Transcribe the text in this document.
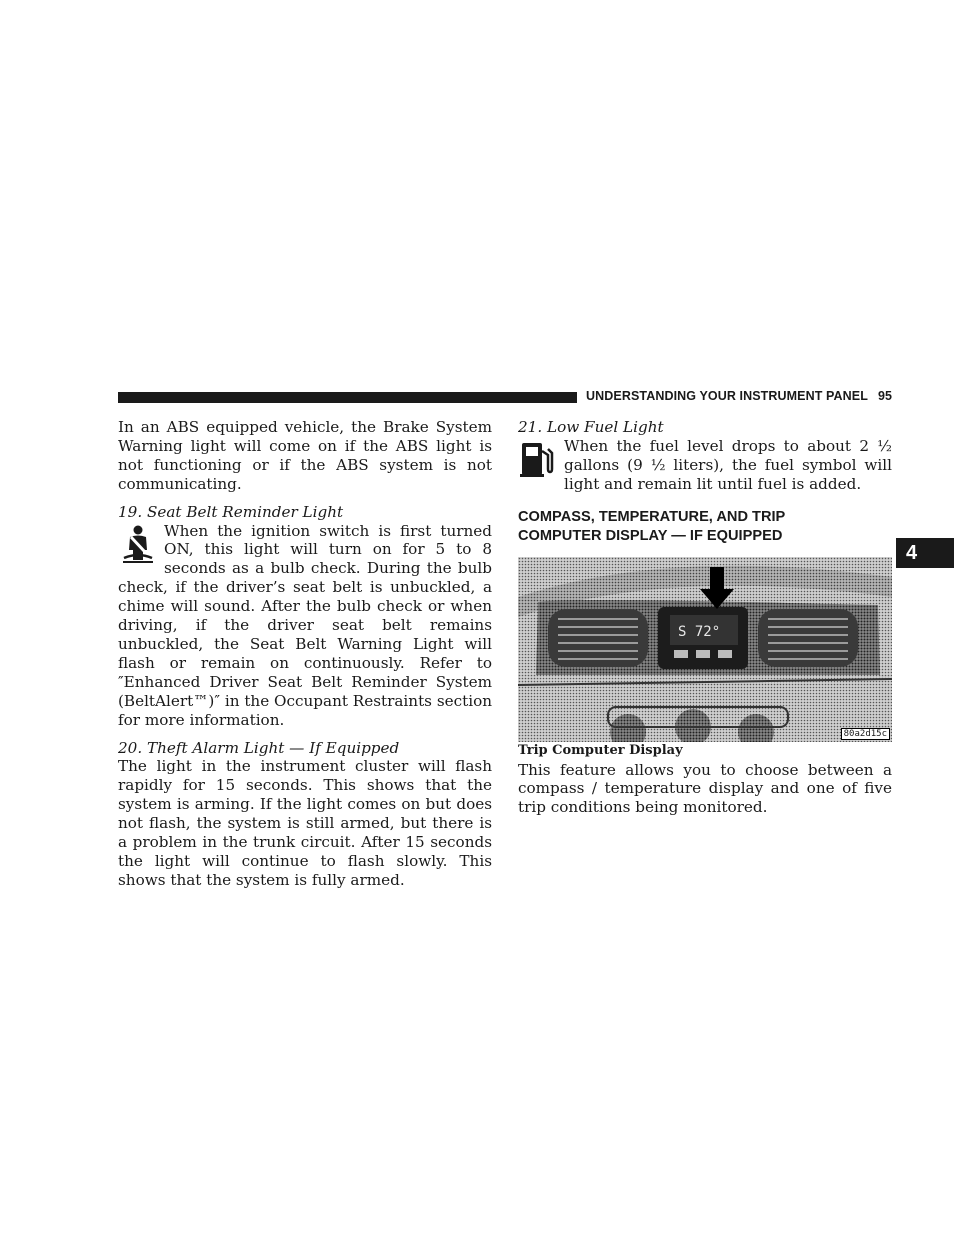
UNDERSTANDING YOUR INSTRUMENT PANEL 95
4

In an ABS equipped vehicle, the Brake System Warning light will come on if the ABS light is not functioning or if the ABS system is not communicating.

19. Seat Belt Reminder Light

When the ignition switch is first turned ON, this light will turn on for 5 to 8 seconds as a bulb check. During the bulb check, if the driver’s seat belt is unbuckled, a chime will sound. After the bulb check or when driving, if the driver seat belt remains unbuckled, the Seat Belt Warning Light will flash or remain on continuously. Refer to ″Enhanced Driver Seat Belt Reminder System (BeltAlert™)″ in the Occupant Restraints section for more information.

20. Theft Alarm Light — If Equipped

The light in the instrument cluster will flash rapidly for 15 seconds. This shows that the system is arming. If the light comes on but does not flash, the system is still armed, but there is a problem in the trunk circuit. After 15 seconds the light will continue to flash slowly. This shows that the system is fully armed.

21. Low Fuel Light

When the fuel level drops to about 2 ½ gallons (9 ½ liters), the fuel symbol will light and remain lit until fuel is added.

COMPASS, TEMPERATURE, AND TRIP
COMPUTER DISPLAY — IF EQUIPPED

S 72°
80a2d15c

Trip Computer Display

This feature allows you to choose between a compass / temperature display and one of five trip conditions being monitored.
